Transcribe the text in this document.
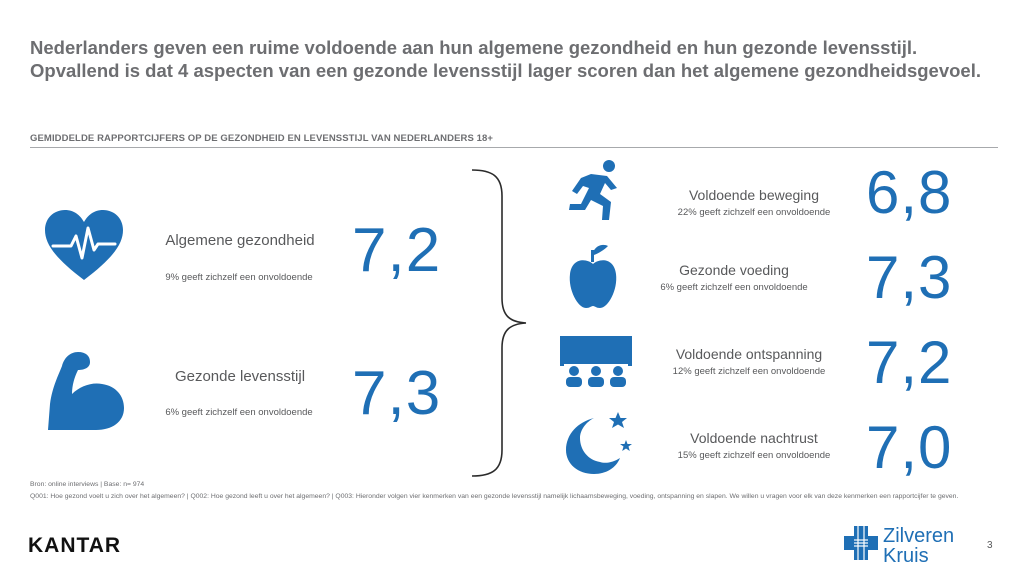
Nederlanders geven een ruime voldoende aan hun algemene gezondheid en hun gezonde levensstijl.
Opvallend is dat 4 aspecten van een gezonde levensstijl lager scoren dan het algemene gezondheidsgevoel.
GEMIDDELDE RAPPORTCIJFERS OP DE GEZONDHEID EN LEVENSSTIJL VAN NEDERLANDERS 18+
Algemene gezondheid
9% geeft zichzelf een onvoldoende 7,2
Gezonde levensstijl
6% geeft zichzelf een onvoldoende 7,3
Voldoende beweging
22% geeft zichzelf een onvoldoende 6,8
Gezonde voeding
6% geeft zichzelf een onvoldoende 7,3
Voldoende ontspanning
12% geeft zichzelf een onvoldoende 7,2
Voldoende nachtrust
15% geeft zichzelf een onvoldoende 7,0
Bron: online interviews | Base: n= 974
Q001: Hoe gezond voelt u zich over het algemeen? | Q002: Hoe gezond leeft u over het algemeen? | Q003: Hieronder volgen vier kenmerken van een gezonde levensstijl namelijk lichaamsbeweging, voeding, ontspanning en slapen. We willen u vragen voor elk van deze kenmerken een rapportcijfer te geven.
KANTAR	Zilveren
Kruis	3
